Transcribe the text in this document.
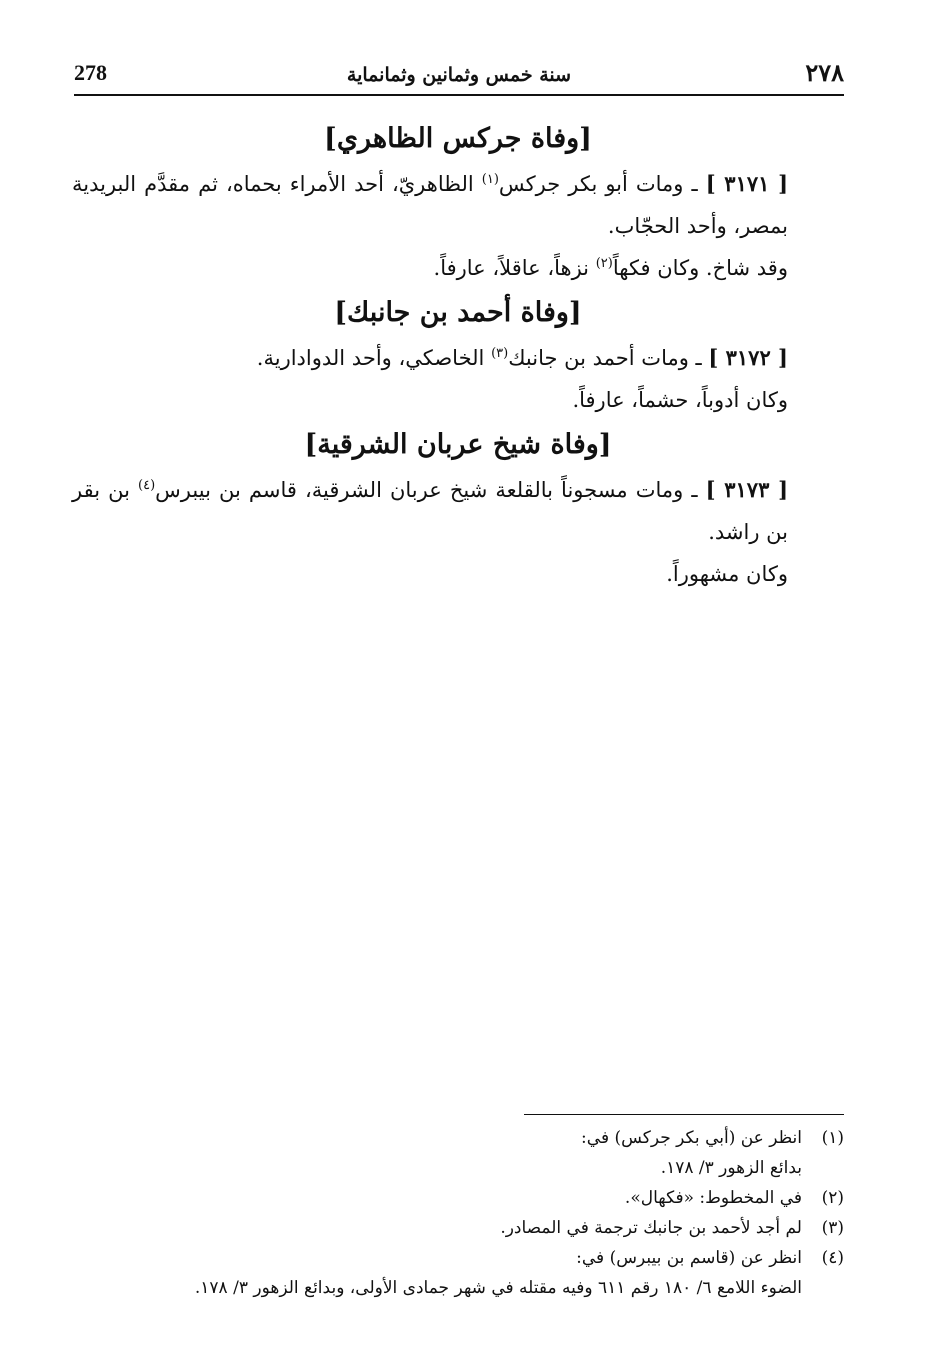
278	سنة خمس وثمانين وثمانماية	٢٧٨
[وفاة جركس الظاهري]

[ ٣١٧١ ] ـ ومات أبو بكر جركس$^{(١)}$ الظاهريّ، أحد الأمراء بحماه، ثم مقدَّم البريدية بمصر، وأحد الحجّاب.

وقد شاخ. وكان فكهاً$^{(٢)}$ نزهاً، عاقلاً، عارفاً.

[وفاة أحمد بن جانبك]

[ ٣١٧٢ ] ـ ومات أحمد بن جانبك$^{(٣)}$ الخاصكي، وأحد الدوادارية.

وكان أدوباً، حشماً، عارفاً.

[وفاة شيخ عربان الشرقية]

[ ٣١٧٣ ] ـ ومات مسجوناً بالقلعة شيخ عربان الشرقية، قاسم بن بيبرس$^{(٤)}$ بن بقر بن راشد.

وكان مشهوراً.

(١)انظر عن (أبي بكر جركس) في:

بدائع الزهور ٣/ ١٧٨.

(٢)في المخطوط: «فكهال».

(٣)لم أجد لأحمد بن جانبك ترجمة في المصادر.

(٤)انظر عن (قاسم بن بيبرس) في:

الضوء اللامع ٦/ ١٨٠ رقم ٦١١ وفيه مقتله في شهر جمادى الأولى، وبدائع الزهور ٣/ ١٧٨.
